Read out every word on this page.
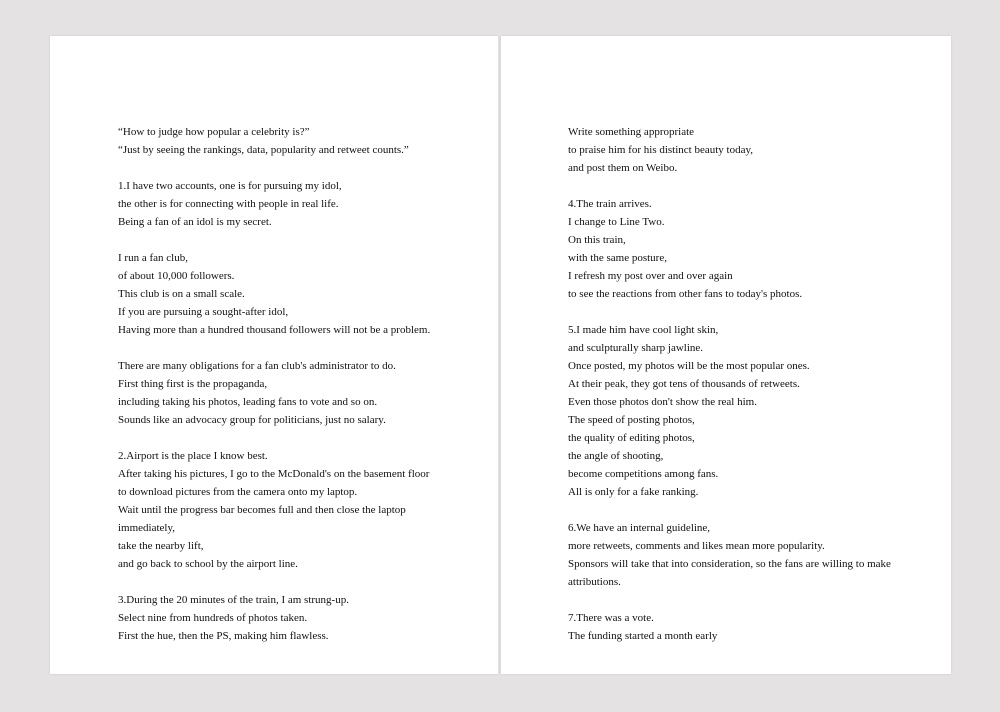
“How to judge how popular a celebrity is?”
“Just by seeing the rankings, data, popularity and retweet counts.”
1.I have two accounts, one is for pursuing my idol,
the other is for connecting with people in real life.
Being a fan of an idol is my secret.
I run a fan club,
of about 10,000 followers.
This club is on a small scale.
If you are pursuing a sought-after idol,
Having more than a hundred thousand followers will not be a problem.
There are many obligations for a fan club's administrator to do.
First thing first is the propaganda,
including taking his photos, leading fans to vote and so on.
Sounds like an advocacy group for politicians, just no salary.
2.Airport is the place I know best.
After taking his pictures, I go to the McDonald's on the basement floor
to download pictures from the camera onto my laptop.
Wait until the progress bar becomes full and then close the laptop
immediately,
take the nearby lift,
and go back to school by the airport line.
3.During the 20 minutes of the train, I am strung-up.
Select nine from hundreds of photos taken.
First the hue, then the PS, making him flawless.
Write something appropriate
to praise him for his distinct beauty today,
and post them on Weibo.
4.The train arrives.
I change to Line Two.
On this train,
with the same posture,
I refresh my post over and over again
to see the reactions from other fans to today's photos.
5.I made him have cool light skin,
and sculpturally sharp jawline.
Once posted, my photos will be the most popular ones.
At their peak, they got tens of thousands of retweets.
Even those photos don't show the real him.
The speed of posting photos,
the quality of editing photos,
the angle of shooting,
become competitions among fans.
All is only for a fake ranking.
6.We have an internal guideline,
more retweets, comments and likes mean more popularity.
Sponsors will take that into consideration, so the fans are willing to make
attributions.
7.There was a vote.
The funding started a month early
